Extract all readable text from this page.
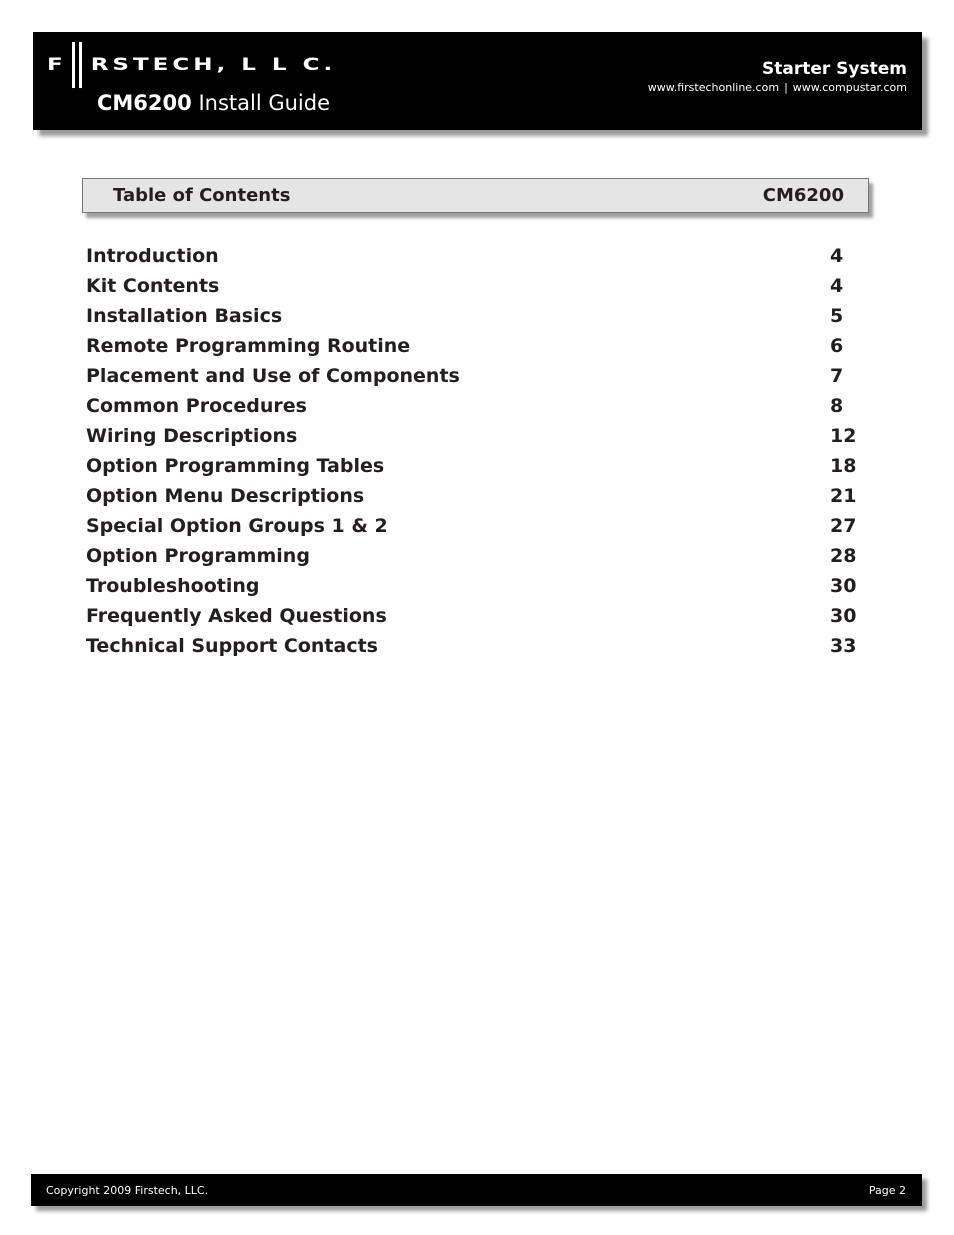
F RSTECH, L L C.
CM6200 Install Guide
Starter System
www.firstechonline.com | www.compustar.com
Table of Contents	CM6200
Introduction	4
Kit Contents	4
Installation Basics	5
Remote Programming Routine	6
Placement and Use of Components	7
Common Procedures	8
Wiring Descriptions	12
Option Programming Tables	18
Option Menu Descriptions	21
Special Option Groups 1 & 2	27
Option Programming	28
Troubleshooting	30
Frequently Asked Questions	30
Technical Support Contacts	33
Copyright 2009 Firstech, LLC.	Page 2
